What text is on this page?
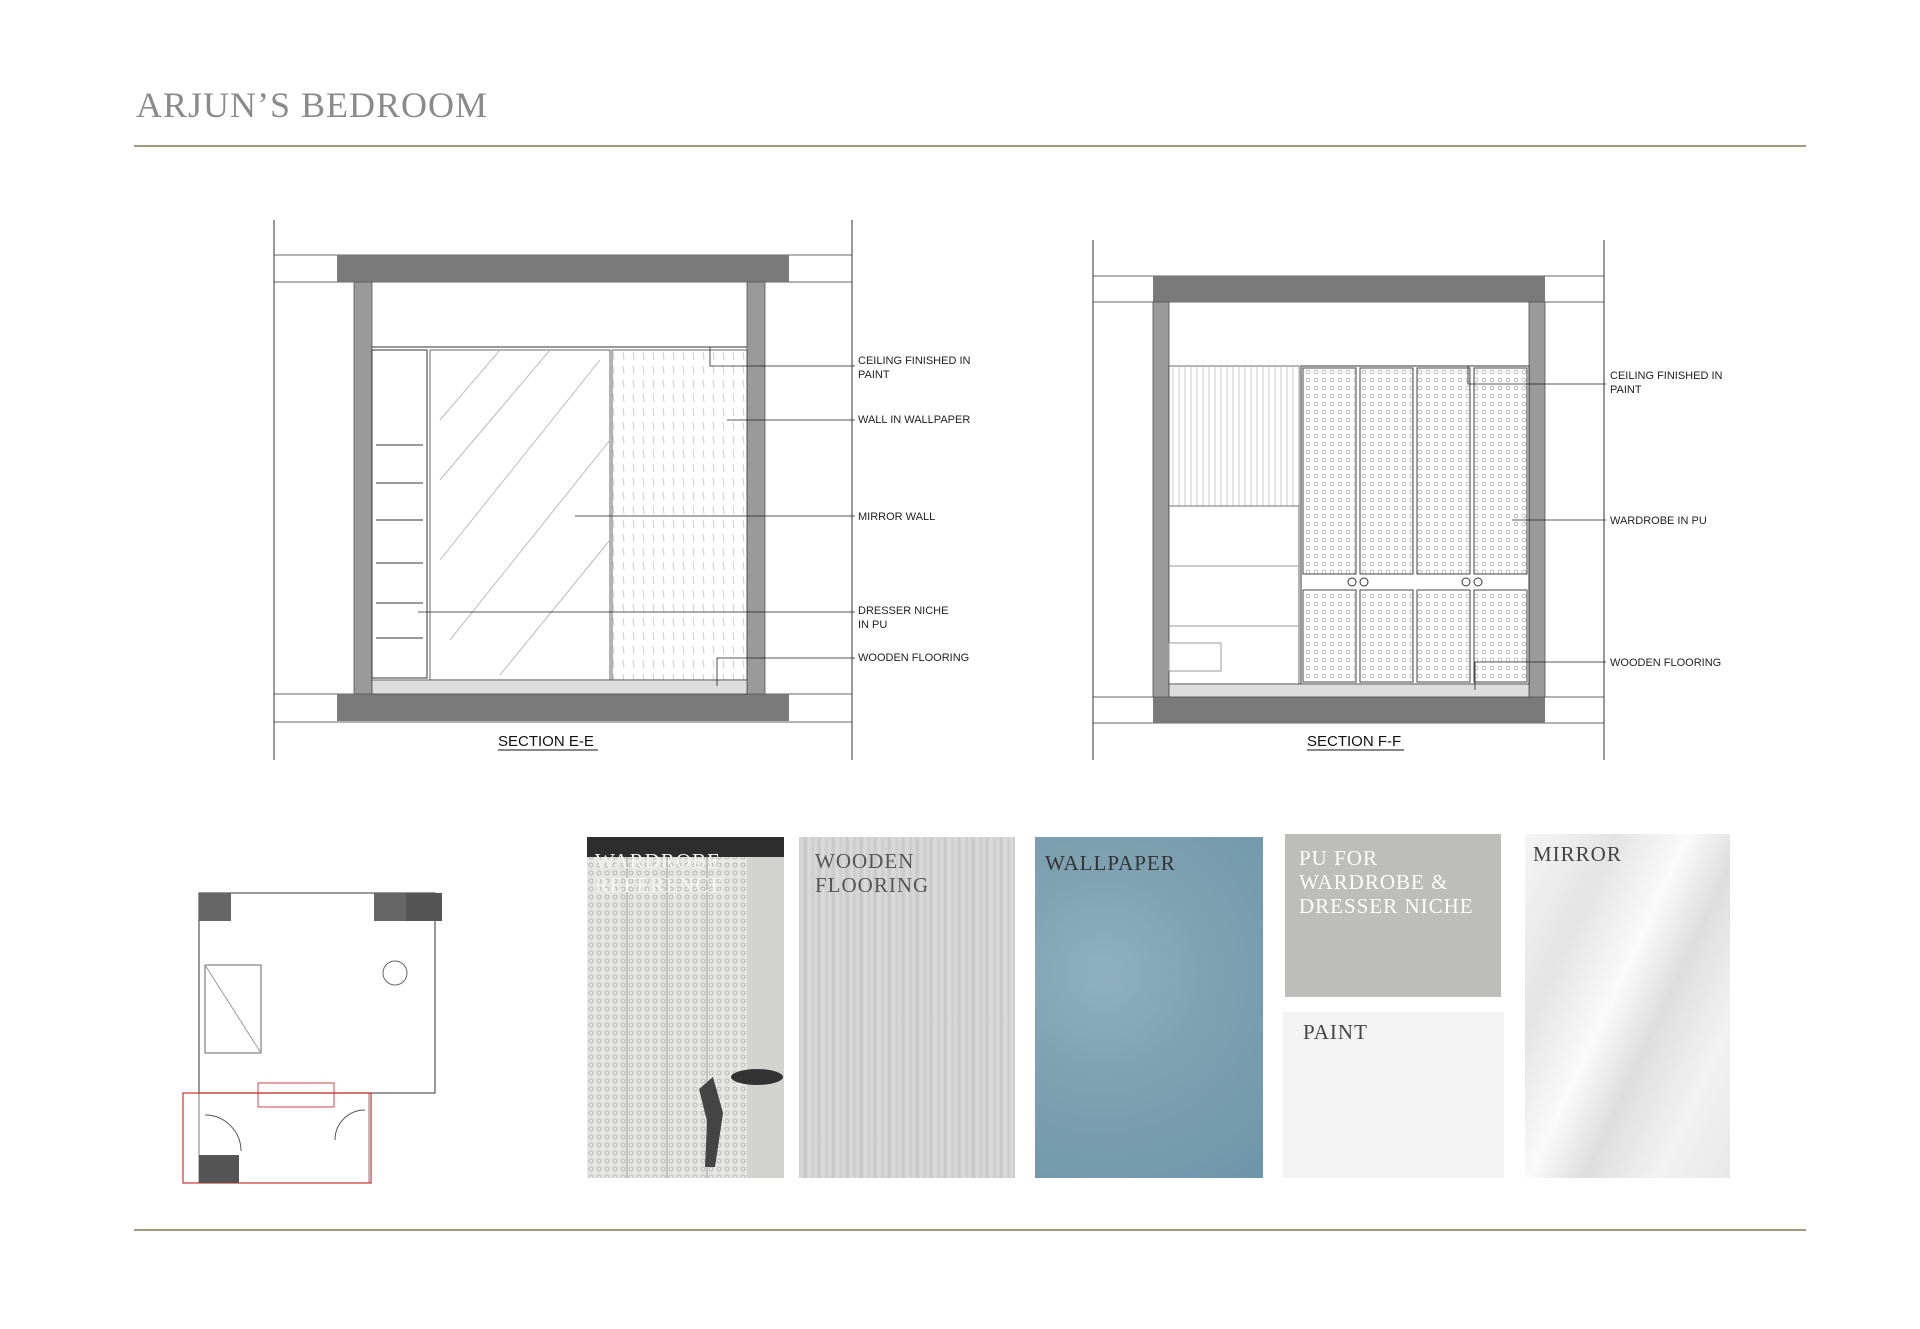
ARJUN’S BEDROOM
CEILING FINISHED IN
PAINT
WALL IN WALLPAPER
MIRROR WALL
DRESSER NICHE
IN PU
WOODEN FLOORING
SECTION E-E
CEILING FINISHED IN
PAINT
WARDROBE IN PU
WOODEN FLOORING
SECTION F-F
WARDROBE
REFERENCE
WOODEN
FLOORING
WALLPAPER	PU FOR
WARDROBE &
DRESSER NICHE
PAINT
MIRROR
